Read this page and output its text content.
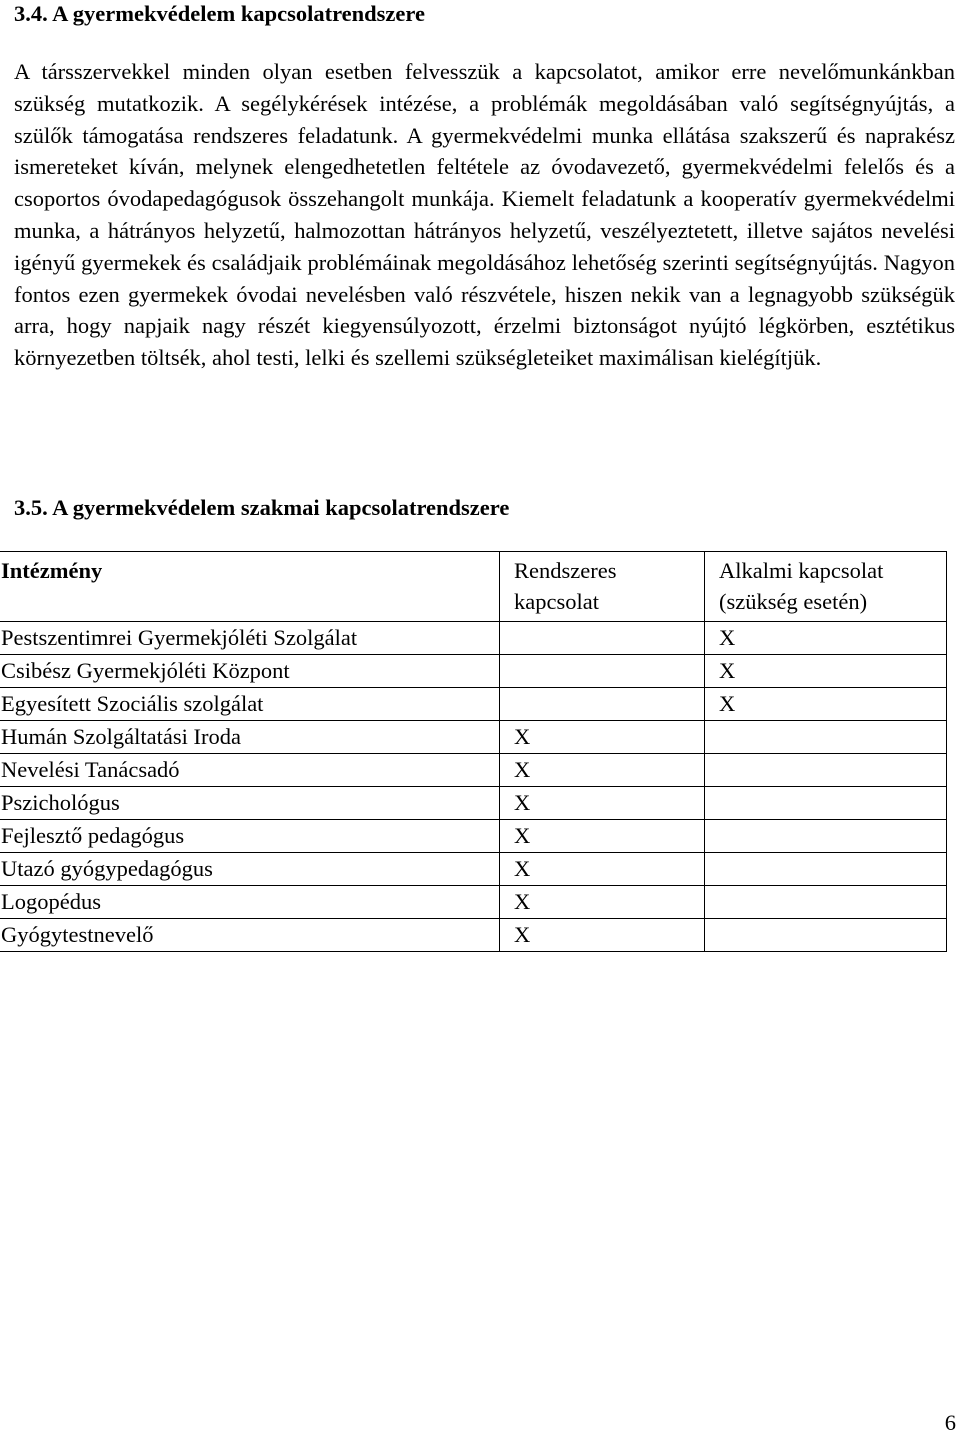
3.4. A gyermekvédelem kapcsolatrendszere

A társszervekkel minden olyan esetben felvesszük a kapcsolatot, amikor erre nevelőmunkánkban szükség mutatkozik. A segélykérések intézése, a problémák megoldásában való segítségnyújtás, a szülők támogatása rendszeres feladatunk. A gyermekvédelmi munka ellátása szakszerű és naprakész ismereteket kíván, melynek elengedhetetlen feltétele az óvodavezető, gyermekvédelmi felelős és a csoportos óvodapedagógusok összehangolt munkája. Kiemelt feladatunk a kooperatív gyermekvédelmi munka, a hátrányos helyzetű, halmozottan hátrányos helyzetű, veszélyeztetett, illetve sajátos nevelési igényű gyermekek és családjaik problémáinak megoldásához lehetőség szerinti segítségnyújtás. Nagyon fontos ezen gyermekek óvodai nevelésben való részvétele, hiszen nekik van a legnagyobb szükségük arra, hogy napjaik nagy részét kiegyensúlyozott, érzelmi biztonságot nyújtó légkörben, esztétikus környezetben töltsék, ahol testi, lelki és szellemi szükségleteiket maximálisan kielégítjük.

3.5. A gyermekvédelem szakmai kapcsolatrendszere
Intézmény	Rendszeres kapcsolat	Alkalmi kapcsolat (szükség esetén)
Pestszentimrei Gyermekjóléti Szolgálat		X
Csibész Gyermekjóléti Központ		X
Egyesített Szociális szolgálat		X
Humán Szolgáltatási Iroda	X	
Nevelési Tanácsadó	X	
Pszichológus	X	
Fejlesztő pedagógus	X	
Utazó gyógypedagógus	X	
Logopédus	X	
Gyógytestnevelő	X	
6
